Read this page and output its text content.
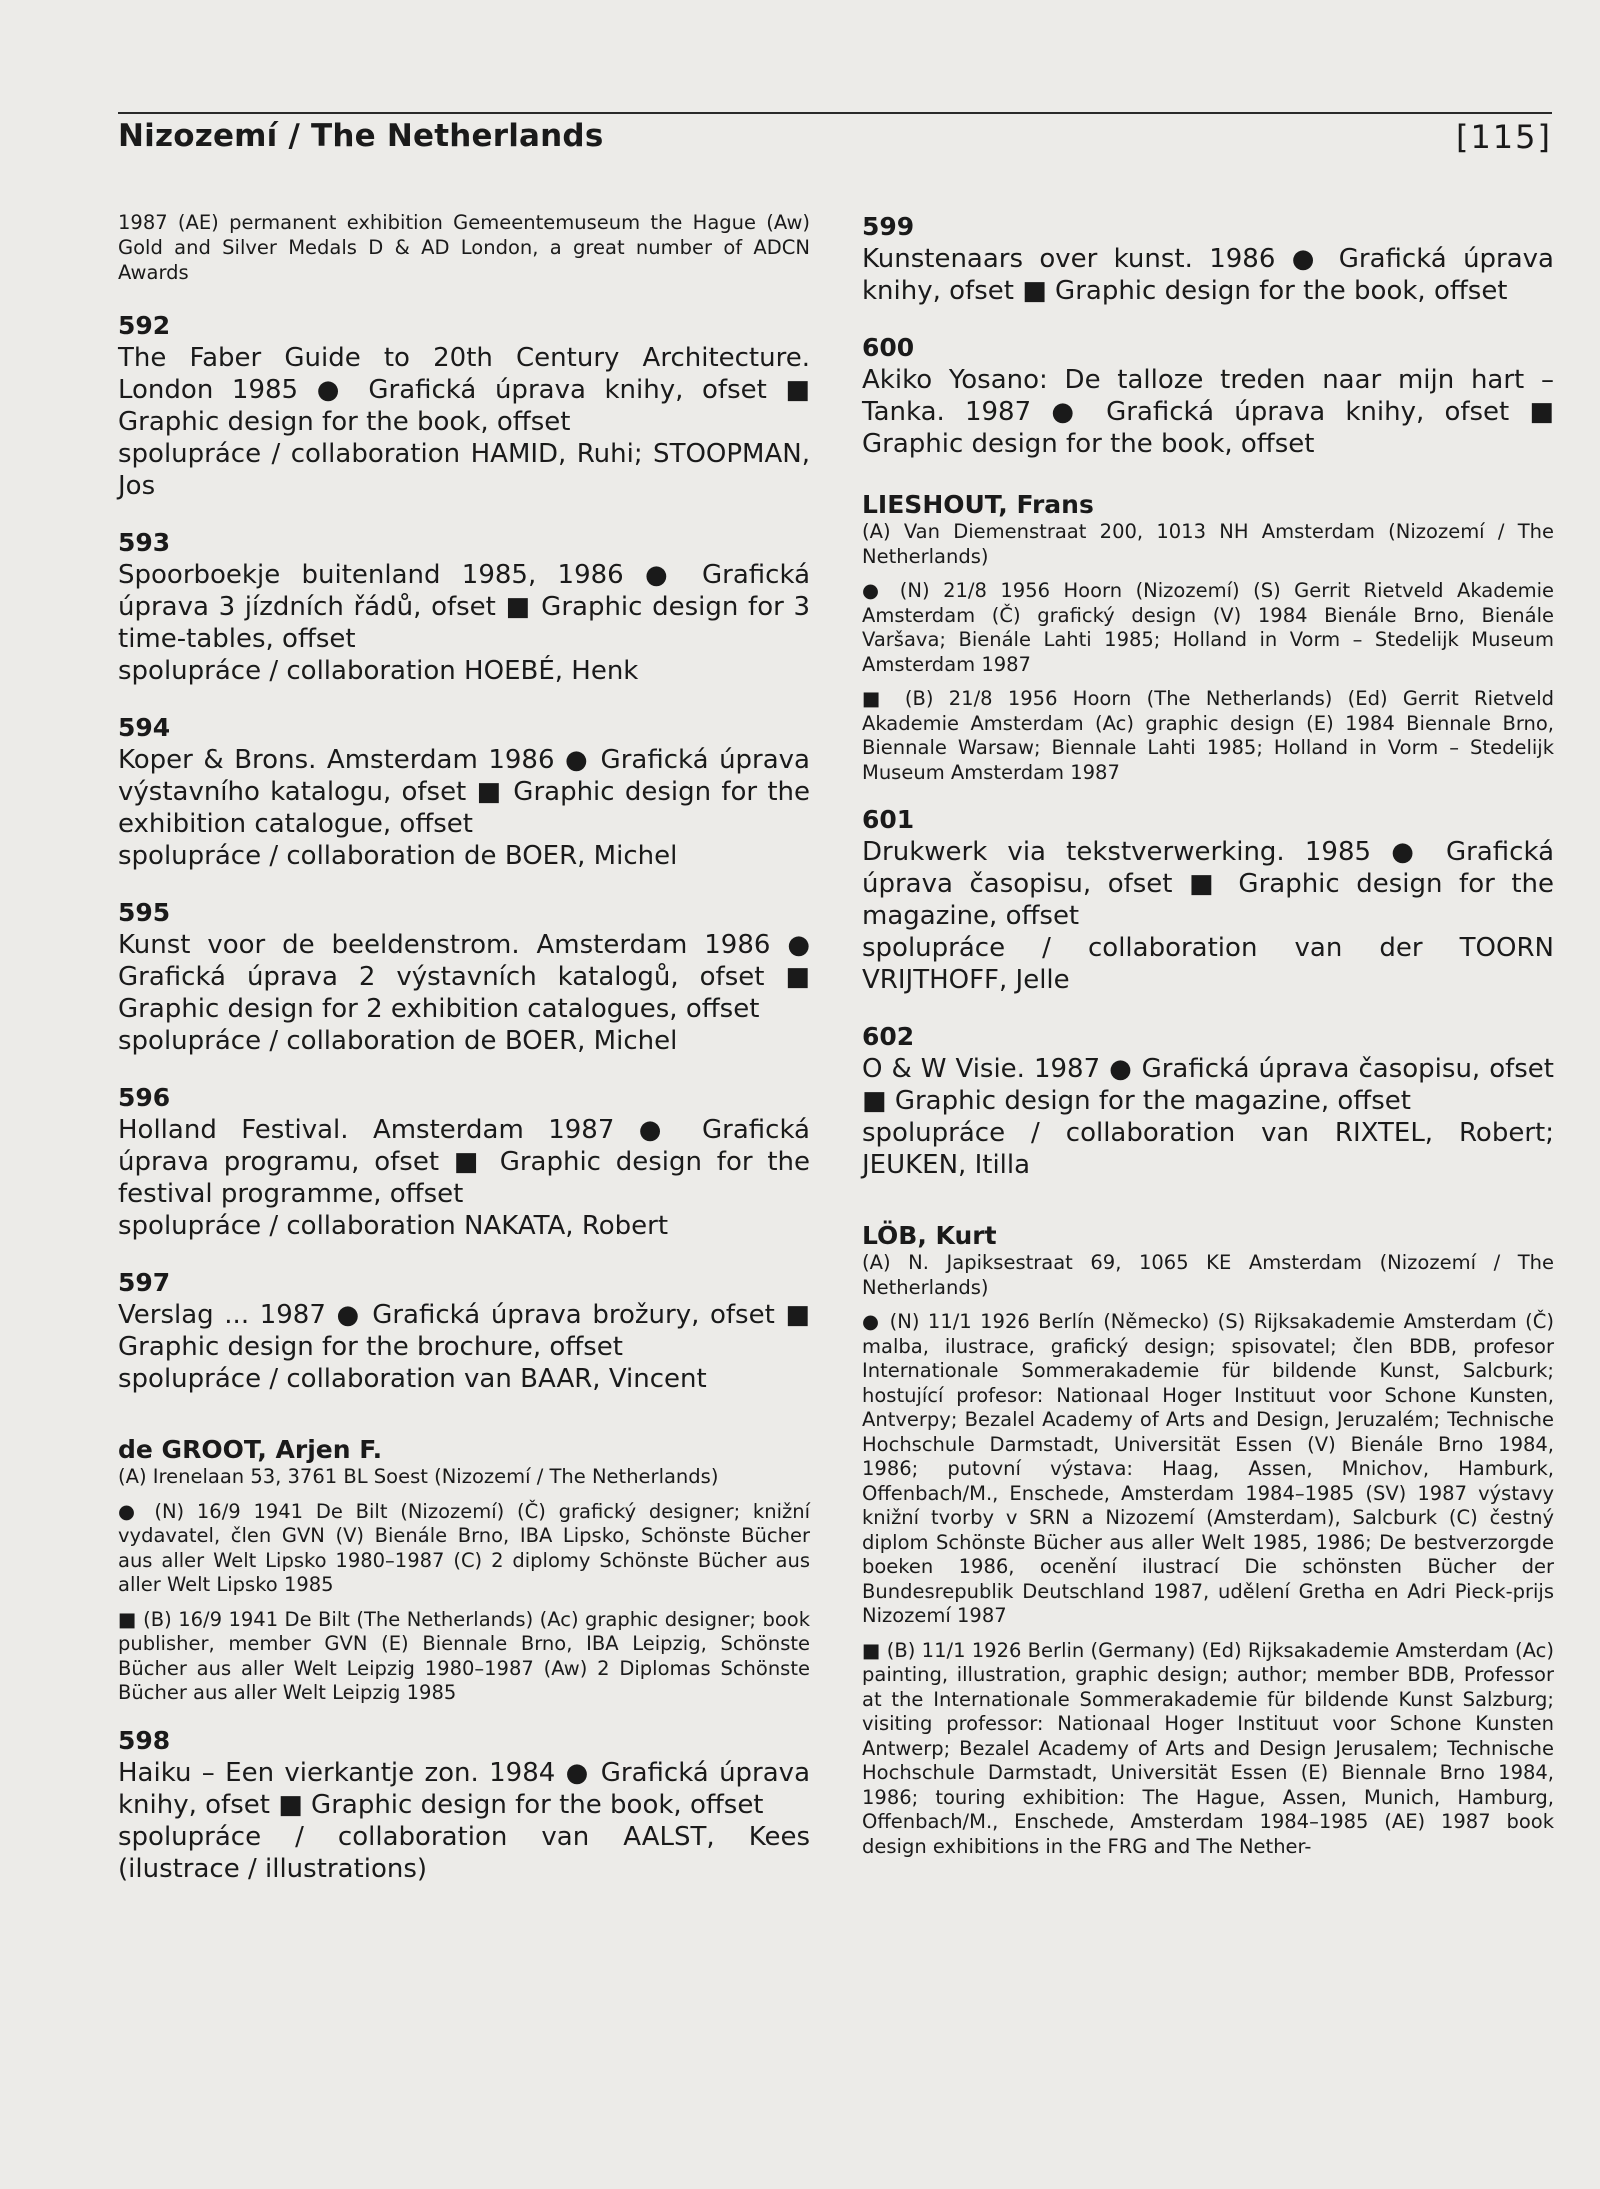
Nizozemí / The Netherlands	[115]
1987 (AE) permanent exhibition Gemeentemuseum the Hague (Aw) Gold and Silver Medals D & AD London, a great number of ADCN Awards
592
The Faber Guide to 20th Century Architecture. London 1985 ● Grafická úprava knihy, ofset ■ Graphic design for the book, offset
spolupráce / collaboration HAMID, Ruhi; STOOPMAN, Jos
593
Spoorboekje buitenland 1985, 1986 ● Grafická úprava 3 jízdních řádů, ofset ■ Graphic design for 3 time-tables, offset
spolupráce / collaboration HOEBÉ, Henk
594
Koper & Brons. Amsterdam 1986 ● Grafická úprava výstavního katalogu, ofset ■ Graphic design for the exhibition catalogue, offset
spolupráce / collaboration de BOER, Michel
595
Kunst voor de beeldenstrom. Amsterdam 1986 ● Grafická úprava 2 výstavních katalogů, ofset ■ Graphic design for 2 exhibition catalogues, offset
spolupráce / collaboration de BOER, Michel
596
Holland Festival. Amsterdam 1987 ● Grafická úprava programu, ofset ■ Graphic design for the festival programme, offset
spolupráce / collaboration NAKATA, Robert
597
Verslag ... 1987 ● Grafická úprava brožury, ofset ■ Graphic design for the brochure, offset
spolupráce / collaboration van BAAR, Vincent
de GROOT, Arjen F.
(A) Irenelaan 53, 3761 BL Soest (Nizozemí / The Netherlands)
● (N) 16/9 1941 De Bilt (Nizozemí) (Č) grafický designer; knižní vydavatel, člen GVN (V) Bienále Brno, IBA Lipsko, Schönste Bücher aus aller Welt Lipsko 1980–1987 (C) 2 diplomy Schönste Bücher aus aller Welt Lipsko 1985
■ (B) 16/9 1941 De Bilt (The Netherlands) (Ac) graphic designer; book publisher, member GVN (E) Biennale Brno, IBA Leipzig, Schönste Bücher aus aller Welt Leipzig 1980–1987 (Aw) 2 Diplomas Schönste Bücher aus aller Welt Leipzig 1985
598
Haiku – Een vierkantje zon. 1984 ● Grafická úprava knihy, ofset ■ Graphic design for the book, offset
spolupráce / collaboration van AALST, Kees (ilustrace / illustrations)
599
Kunstenaars over kunst. 1986 ● Grafická úprava knihy, ofset ■ Graphic design for the book, offset
600
Akiko Yosano: De talloze treden naar mijn hart – Tanka. 1987 ● Grafická úprava knihy, ofset ■ Graphic design for the book, offset
LIESHOUT, Frans
(A) Van Diemenstraat 200, 1013 NH Amsterdam (Nizozemí / The Netherlands)
● (N) 21/8 1956 Hoorn (Nizozemí) (S) Gerrit Rietveld Akademie Amsterdam (Č) grafický design (V) 1984 Bienále Brno, Bienále Varšava; Bienále Lahti 1985; Holland in Vorm – Stedelijk Museum Amsterdam 1987
■ (B) 21/8 1956 Hoorn (The Netherlands) (Ed) Gerrit Rietveld Akademie Amsterdam (Ac) graphic design (E) 1984 Biennale Brno, Biennale Warsaw; Biennale Lahti 1985; Holland in Vorm – Stedelijk Museum Amsterdam 1987
601
Drukwerk via tekstverwerking. 1985 ● Grafická úprava časopisu, ofset ■ Graphic design for the magazine, offset
spolupráce / collaboration van der TOORN VRIJTHOFF, Jelle
602
O & W Visie. 1987 ● Grafická úprava časopisu, ofset ■ Graphic design for the magazine, offset
spolupráce / collaboration van RIXTEL, Robert; JEUKEN, Itilla
LÖB, Kurt
(A) N. Japiksestraat 69, 1065 KE Amsterdam (Nizozemí / The Netherlands)
● (N) 11/1 1926 Berlín (Německo) (S) Rijksakademie Amsterdam (Č) malba, ilustrace, grafický design; spisovatel; člen BDB, profesor Internationale Sommerakademie für bildende Kunst, Salcburk; hostující profesor: Nationaal Hoger Instituut voor Schone Kunsten, Antverpy; Bezalel Academy of Arts and Design, Jeruzalém; Technische Hochschule Darmstadt, Universität Essen (V) Bienále Brno 1984, 1986; putovní výstava: Haag, Assen, Mnichov, Hamburk, Offenbach/M., Enschede, Amsterdam 1984–1985 (SV) 1987 výstavy knižní tvorby v SRN a Nizozemí (Amsterdam), Salcburk (C) čestný diplom Schönste Bücher aus aller Welt 1985, 1986; De bestverzorgde boeken 1986, ocenění ilustrací Die schönsten Bücher der Bundesrepublik Deutschland 1987, udělení Gretha en Adri Pieck-prijs Nizozemí 1987
■ (B) 11/1 1926 Berlin (Germany) (Ed) Rijksakademie Amsterdam (Ac) painting, illustration, graphic design; author; member BDB, Professor at the Internationale Sommerakademie für bildende Kunst Salzburg; visiting professor: Nationaal Hoger Instituut voor Schone Kunsten Antwerp; Bezalel Academy of Arts and Design Jerusalem; Technische Hochschule Darmstadt, Universität Essen (E) Biennale Brno 1984, 1986; touring exhibition: The Hague, Assen, Munich, Hamburg, Offenbach/M., Enschede, Amsterdam 1984–1985 (AE) 1987 book design exhibitions in the FRG and The Nether-
